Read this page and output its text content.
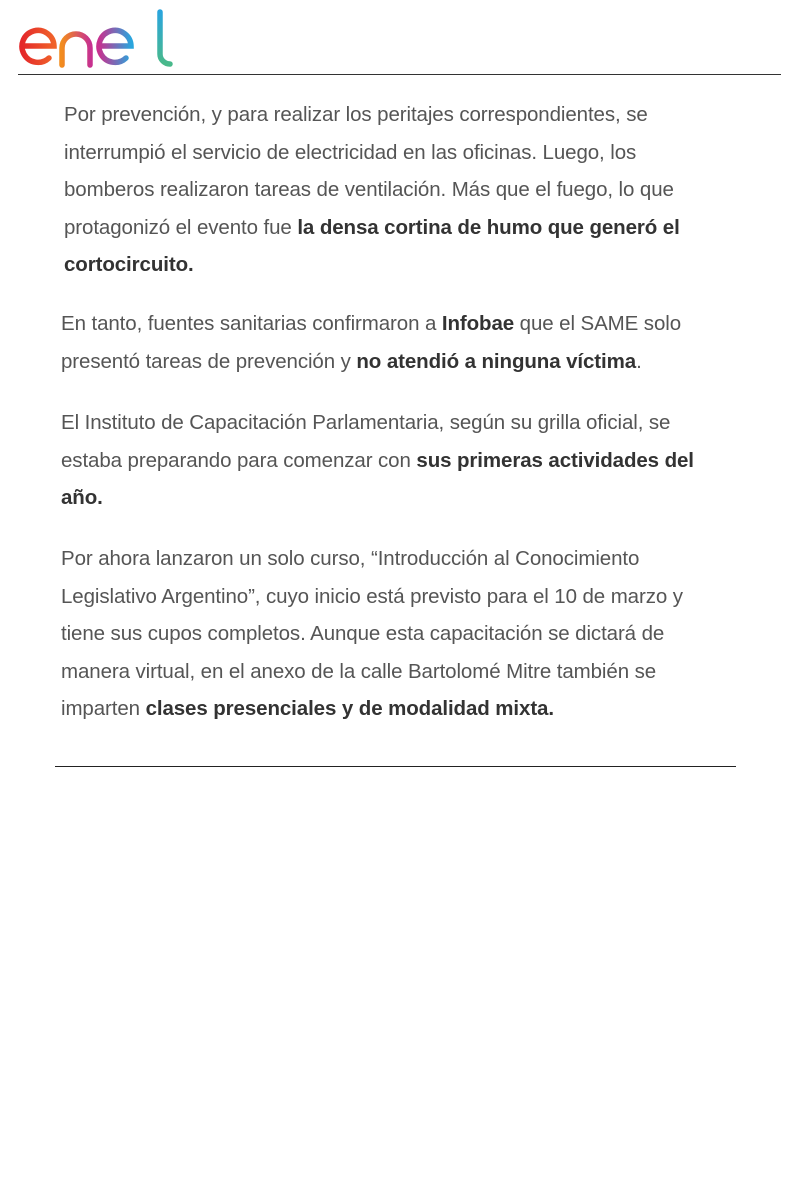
Por prevención, y para realizar los peritajes correspondientes, se interrumpió el servicio de electricidad en las oficinas. Luego, los bomberos realizaron tareas de ventilación. Más que el fuego, lo que protagonizó el evento fue la densa cortina de humo que generó el cortocircuito.

En tanto, fuentes sanitarias confirmaron a Infobae que el SAME solo presentó tareas de prevención y no atendió a ninguna víctima.

El Instituto de Capacitación Parlamentaria, según su grilla oficial, se estaba preparando para comenzar con sus primeras actividades del año.

Por ahora lanzaron un solo curso, “Introducción al Conocimiento Legislativo Argentino”, cuyo inicio está previsto para el 10 de marzo y tiene sus cupos completos. Aunque esta capacitación se dictará de manera virtual, en el anexo de la calle Bartolomé Mitre también se imparten clases presenciales y de modalidad mixta.
